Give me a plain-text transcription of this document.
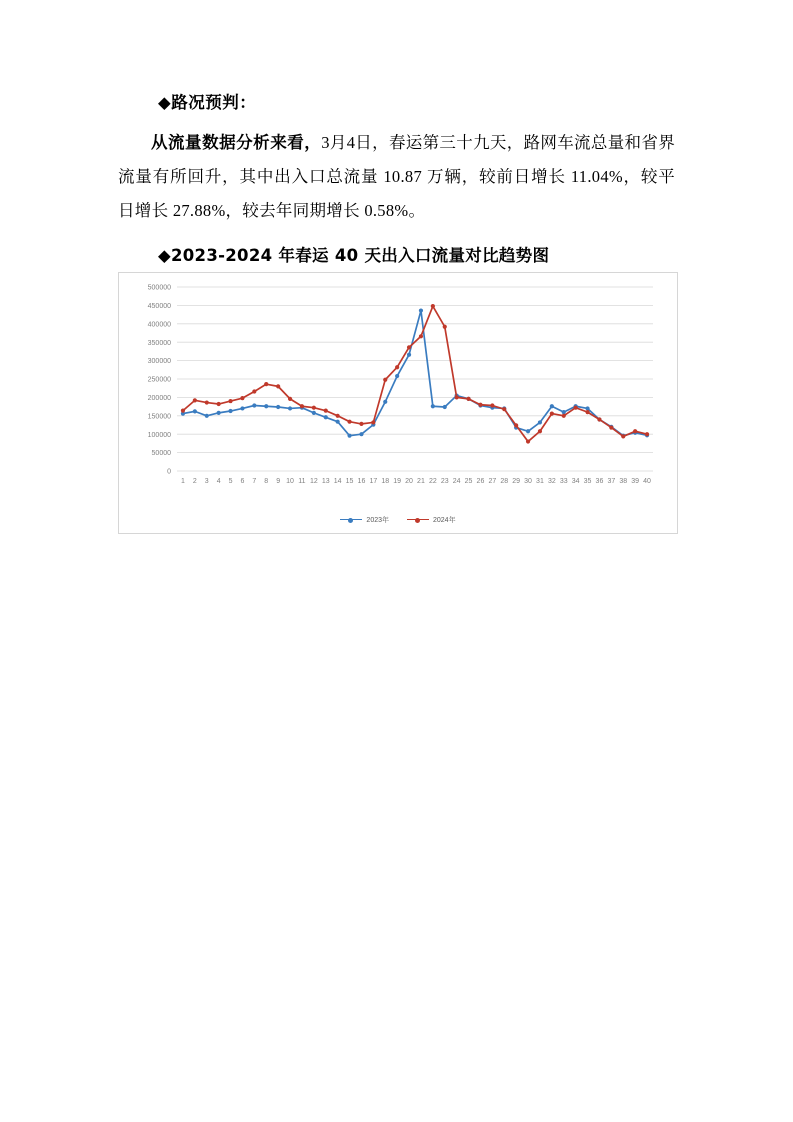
◆路况预判：

从流量数据分析来看，3月4日，春运第三十九天，路网车流总量和省界流量有所回升，其中出入口总流量 10.87 万辆，较前日增长 11.04%，较平日增长 27.88%，较去年同期增长 0.58%。

◆2023-2024 年春运 40 天出入口流量对比趋势图
0
50000
100000
150000
200000
250000
300000
350000
400000
450000
500000
1 2 3 4 5 6 7 8 9 10 11 12 13 14 15 16 17 18 19 20 21 22 23 24 25 26 27 28 29 30 31 32 33 34 35 36 37 38 39 40
2023年	2024年
